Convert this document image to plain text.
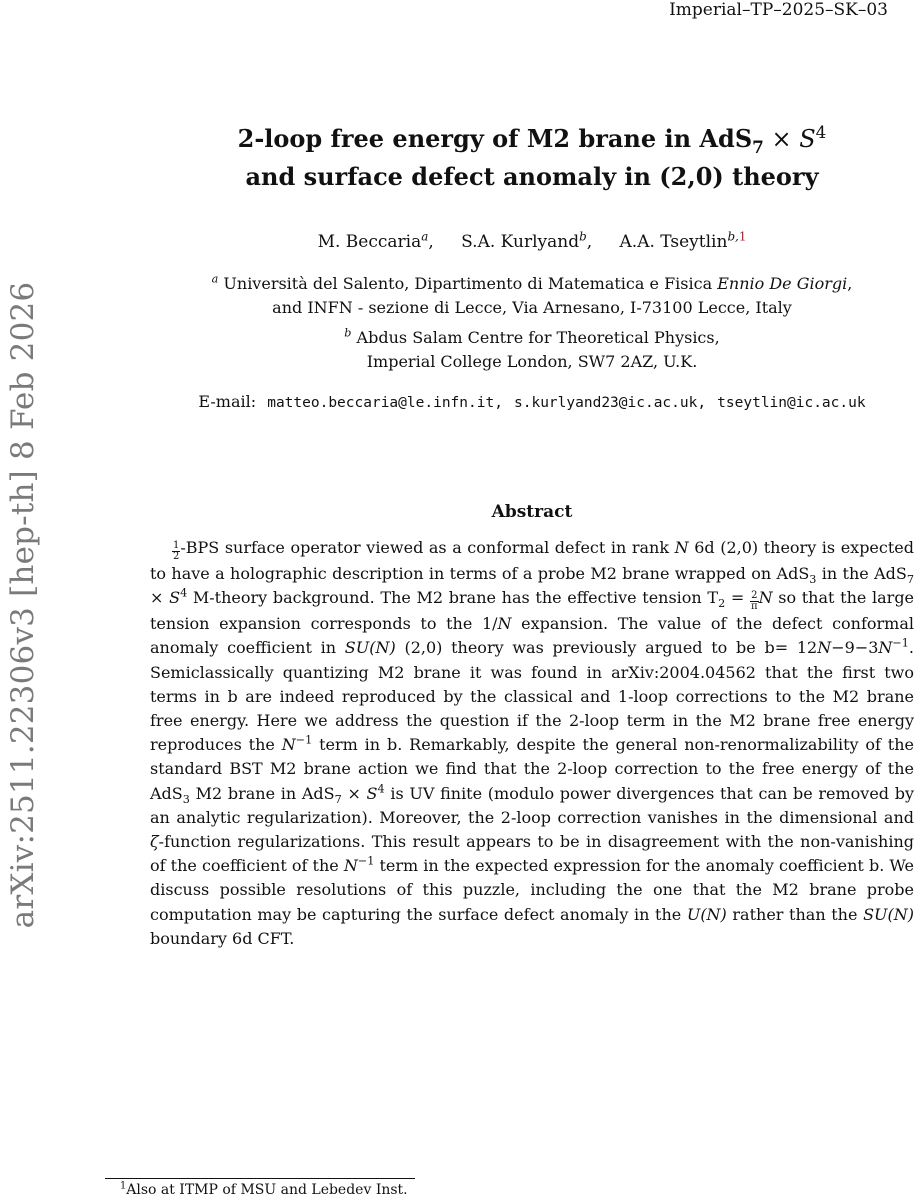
Imperial–TP–2025–SK–03
arXiv:2511.22306v3 [hep-th] 8 Feb 2026
2-loop free energy of M2 brane in $AdS_7 \times S^4$
and surface defect anomaly in (2,0) theory
M. Beccaria$^a$, S.A. Kurlyand$^b$, A.A. Tseytlin$^{b,1}$
$^a$ Università del Salento, Dipartimento di Matematica e Fisica Ennio De Giorgi,
and INFN - sezione di Lecce, Via Arnesano, I-73100 Lecce, Italy
$^b$ Abdus Salam Centre for Theoretical Physics,
Imperial College London, SW7 2AZ, U.K.
E-mail: matteo.beccaria@le.infn.it, s.kurlyand23@ic.ac.uk, tseytlin@ic.ac.uk
Abstract

$\frac{1}{2} -BPS$ surface operator viewed as a conformal defect in rank N 6d (2,0) theory is expected to have a holographic description in terms of a probe M2 brane wrapped on AdS$_3$ in the $AdS_7 \times S^4$ M-theory background. The M2 brane has the effective tension $T_2 = \frac{2}{\pi}$ N so that the large tension expansion corresponds to the 1/N expansion. The value of the defect conformal anomaly coefficient in SU(N) (2,0) theory was previously argued to be $b= 12N-9-3N^{-1}$. Semiclassically quantizing M2 brane it was found in arXiv:2004.04562 that the first two terms in b are indeed reproduced by the classical and 1-loop corrections to the M2 brane free energy. Here we address the question if the 2-loop term in the M2 brane free energy reproduces the $N^{-1}$ term in b. Remarkably, despite the general non-renormalizability of the standard BST M2 brane action we find that the 2-loop correction to the free energy of the AdS$_3$ M2 brane in $AdS_7 \times S^4$ is UV finite (modulo power divergences that can be removed by an analytic regularization). Moreover, the 2-loop correction vanishes in the dimensional and ζ-function regularizations. This result appears to be in disagreement with the non-vanishing of the coefficient of the $N^{-1}$ term in the expected expression for the anomaly coefficient b. We discuss possible resolutions of this puzzle, including the one that the M2 brane probe computation may be capturing the surface defect anomaly in the U(N) rather than the SU(N) boundary 6d CFT.

$^1$Also at ITMP of MSU and Lebedev Inst.
